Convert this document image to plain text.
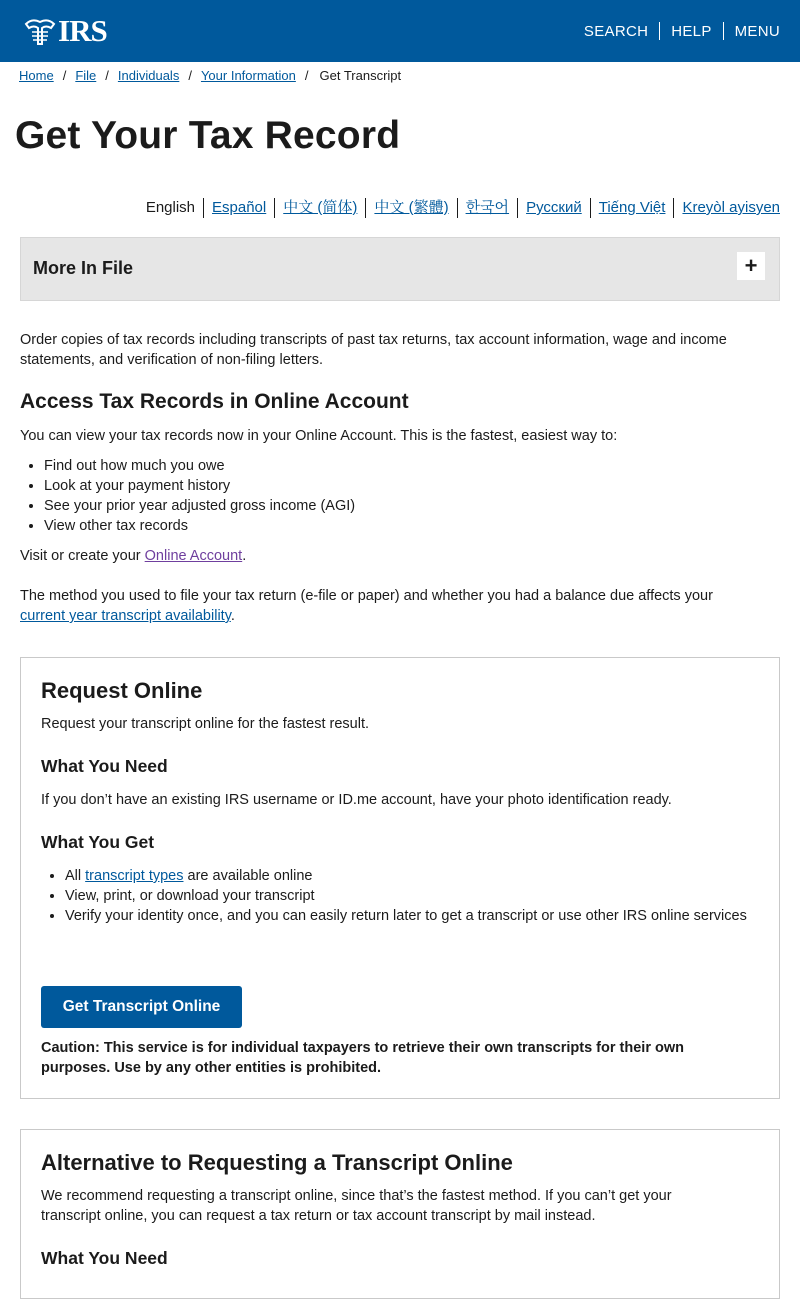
IRS	SEARCH	HELP	MENU
Home / File / Individuals / Your Information / Get Transcript
Get Your Tax Record
English	Español	中文 (简体)	中文 (繁體)	한국어	Русский	Tiếng Việt	Kreyòl ayisyen
More In File	+

Order copies of tax records including transcripts of past tax returns, tax account information, wage and income statements, and verification of non-filing letters.

Access Tax Records in Online Account

You can view your tax records now in your Online Account. This is the fastest, easiest way to:

• Find out how much you owe
• Look at your payment history
• See your prior year adjusted gross income (AGI)
• View other tax records

Visit or create your Online Account.

The method you used to file your tax return (e-file or paper) and whether you had a balance due affects your current year transcript availability.

Request Online

Request your transcript online for the fastest result.

What You Need

If you don’t have an existing IRS username or ID.me account, have your photo identification ready.

What You Get
• All transcript types are available online
• View, print, or download your transcript
• Verify your identity once, and you can easily return later to get a transcript or use other IRS online services
Get Transcript Online

Caution: This service is for individual taxpayers to retrieve their own transcripts for their own purposes. Use by any other entities is prohibited.

Alternative to Requesting a Transcript Online

We recommend requesting a transcript online, since that’s the fastest method. If you can’t get your transcript online, you can request a tax return or tax account transcript by mail instead.

What You Need
